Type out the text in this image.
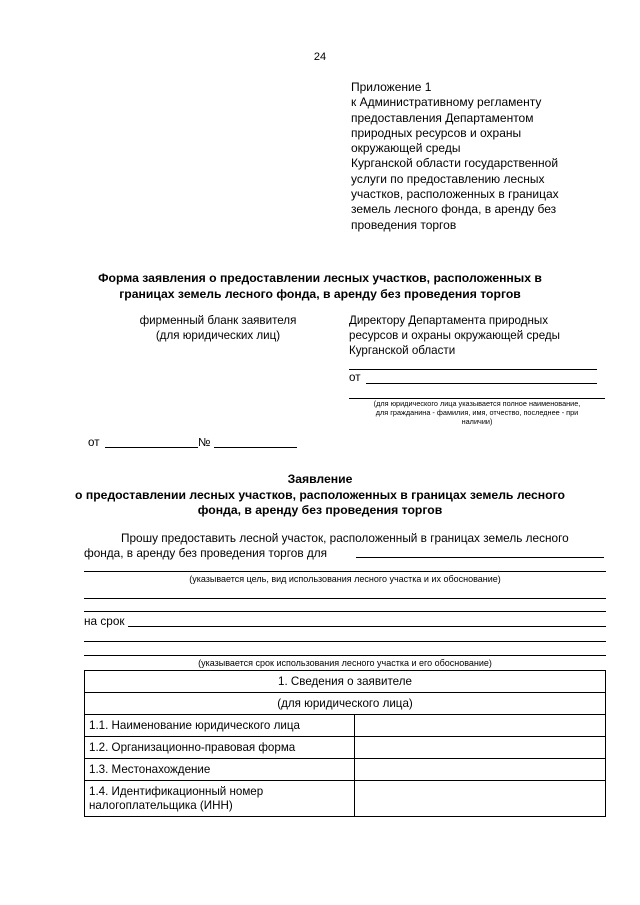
24
Приложение 1
к Административному регламенту
предоставления Департаментом
природных ресурсов и охраны
окружающей среды
Курганской области государственной
услуги по предоставлению лесных
участков, расположенных в границах
земель лесного фонда, в аренду без
проведения торгов
Форма заявления о предоставлении лесных участков, расположенных в
границах земель лесного фонда, в аренду без проведения торгов
фирменный бланк заявителя
(для юридических лиц)
Директору Департамента природных
ресурсов и охраны окружающей среды
Курганской области
от
(для юридического лица указывается полное наименование,
для гражданина - фамилия, имя, отчество, последнее - при
наличии)
от	№
Заявление
о предоставлении лесных участков, расположенных в границах земель лесного
фонда, в аренду без проведения торгов
Прошу предоставить лесной участок, расположенный в границах земель лесного
фонда, в аренду без проведения торгов для
(указывается цель, вид использования лесного участка и их обоснование)
на срок
(указывается срок использования лесного участка и его обоснование)
1. Сведения о заявителе	
(для юридического лица)	
1.1. Наименование юридического лица	
1.2. Организационно-правовая форма	
1.3. Местонахождение	

1.4. Идентификационный номер
налогоплательщика (ИНН)	
